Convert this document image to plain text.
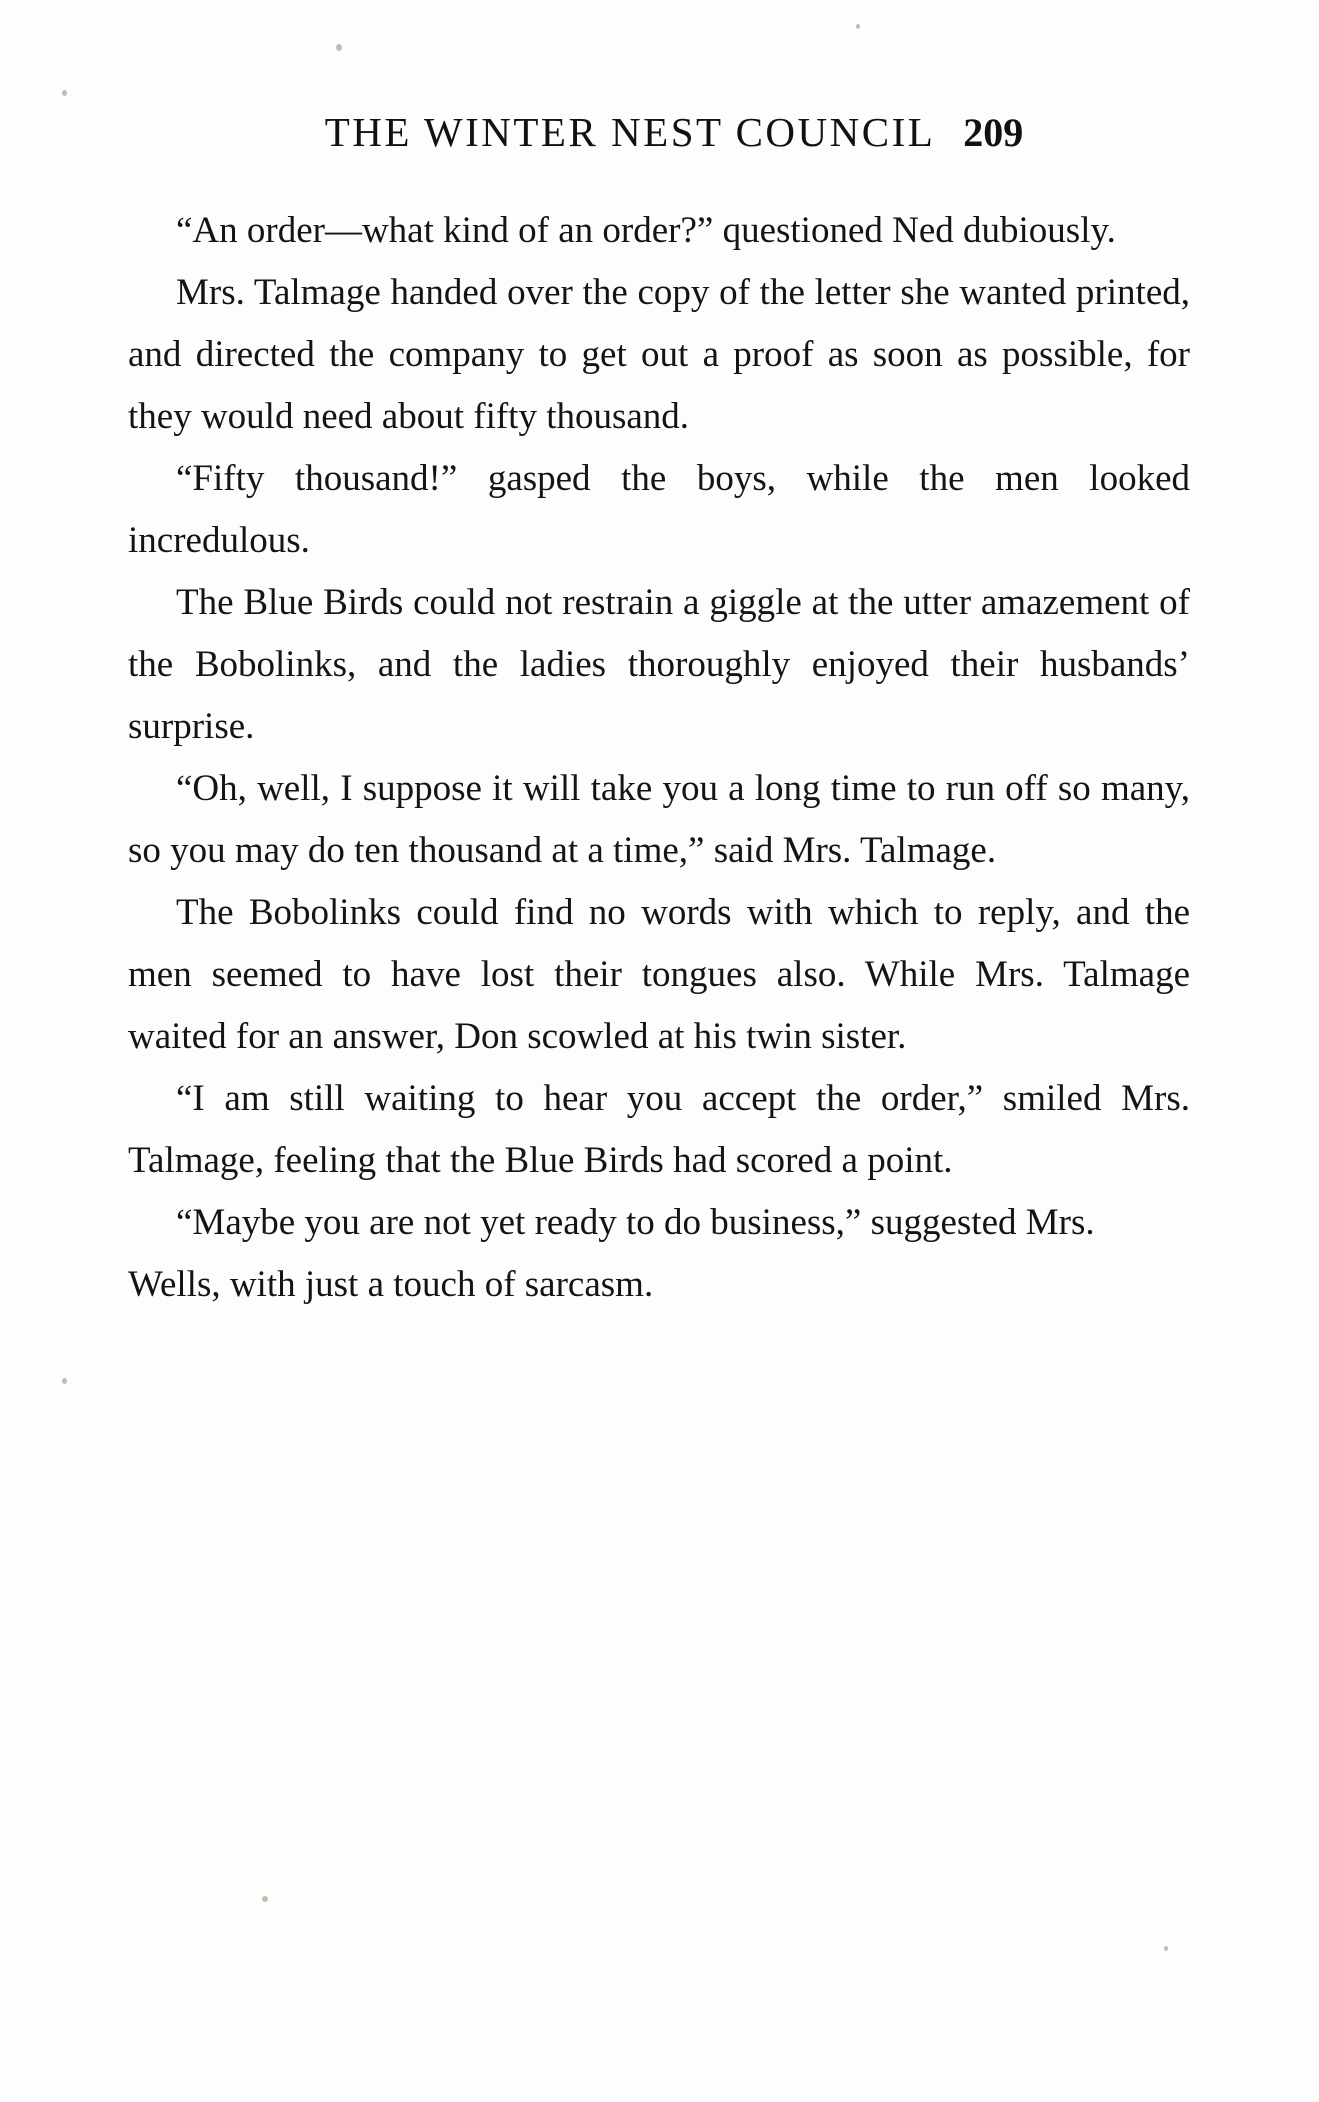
THE WINTER NEST COUNCIL 209

“An order—what kind of an order?” questioned Ned dubiously.

Mrs. Talmage handed over the copy of the letter she wanted printed, and directed the company to get out a proof as soon as possible, for they would need about fifty thousand.

“Fifty thousand!” gasped the boys, while the men looked incredulous.

The Blue Birds could not restrain a giggle at the utter amazement of the Bobolinks, and the ladies thoroughly enjoyed their husbands’ surprise.

“Oh, well, I suppose it will take you a long time to run off so many, so you may do ten thousand at a time,” said Mrs. Talmage.

The Bobolinks could find no words with which to reply, and the men seemed to have lost their tongues also. While Mrs. Talmage waited for an answer, Don scowled at his twin sister.

“I am still waiting to hear you accept the order,” smiled Mrs. Talmage, feeling that the Blue Birds had scored a point.

“Maybe you are not yet ready to do business,” suggested Mrs. Wells, with just a touch of sarcasm.
